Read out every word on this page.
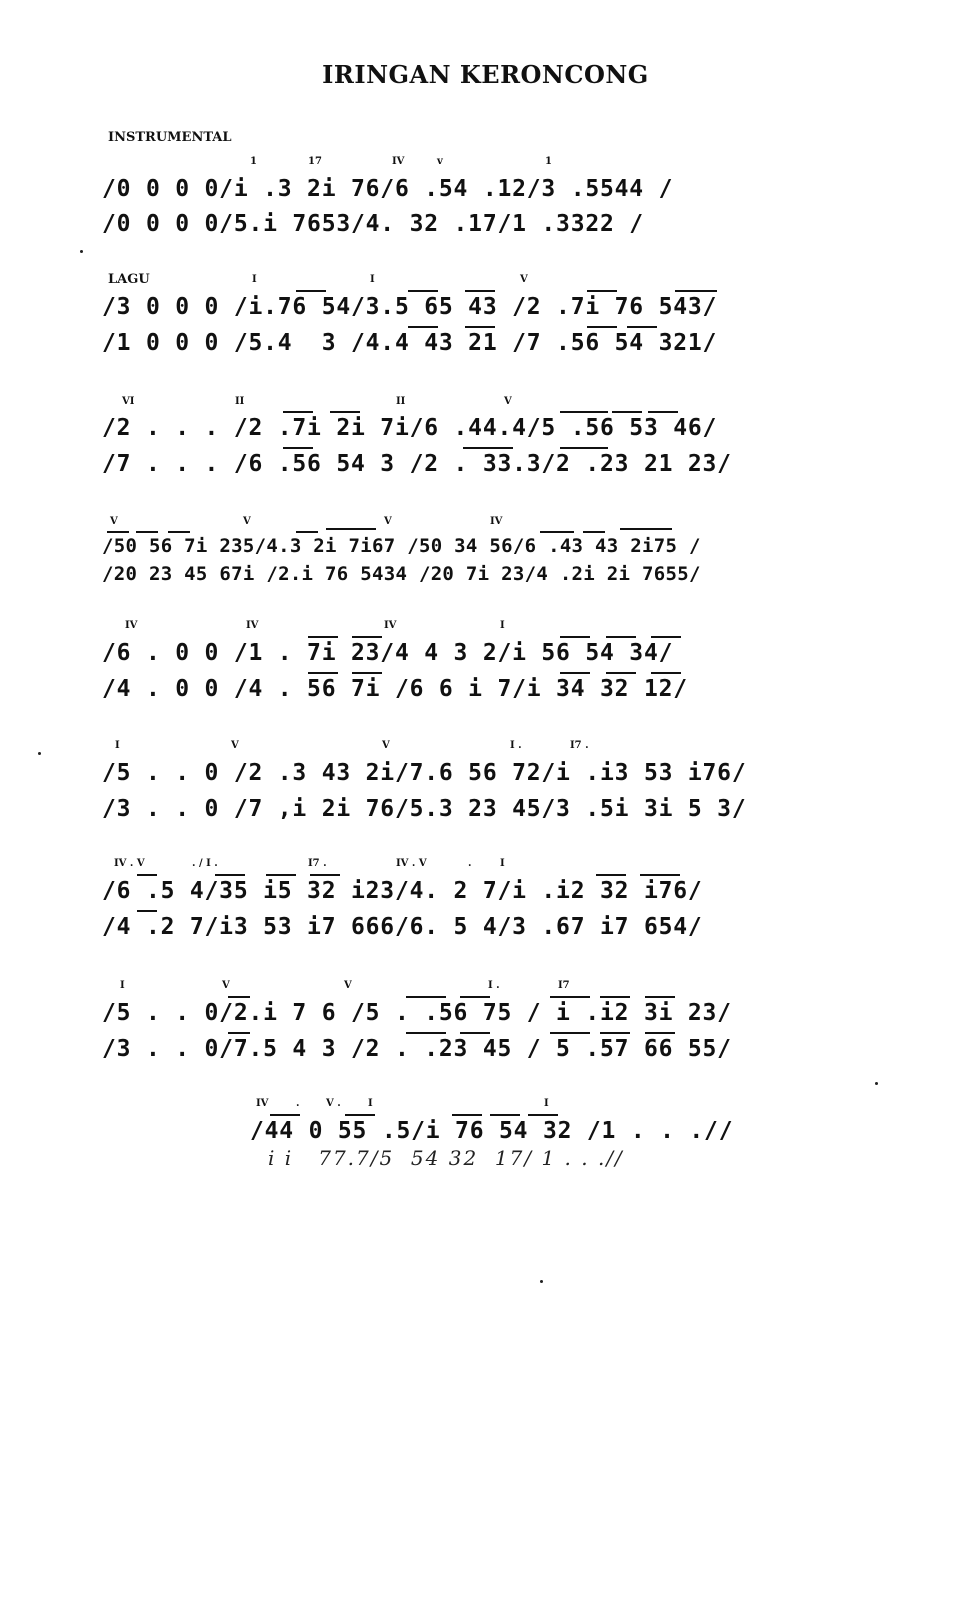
IRINGAN KERONCONG
INSTRUMENTAL
1	17	IV	v	1
/0 0 0 0/i .3 2i 76/6 .54 .12/3 .5544 /
/0 0 0 0/5.i 7653/4. 32 .17/1 .3322 /
LAGU	I	I	V
/3 0 0 0 /i.76 54/3.5 65 43 /2 .7i 76 543/
/1 0 0 0 /5.4  3 /4.4 43 21 /7 .56 54 321/
VI	II	II	V
/2 . . . /2 .7i 2i 7i/6 .44.4/5 .56 53 46/
/7 . . . /6 .56 54 3 /2 . 33.3/2 .23 21 23/
V	V	V	IV
/50 56 7i 235/4.3 2i 7i67 /50 34 56/6 .43 43 2i75 /
/20 23 45 67i /2.i 76 5434 /20 7i 23/4 .2i 2i 7655/
IV	IV	IV	I
/6 . 0 0 /1 . 7i 23/4 4 3 2/i 56 54 34/
/4 . 0 0 /4 . 56 7i /6 6 i 7/i 34 32 12/
I	V	V	I .	I7 .
/5 . . 0 /2 .3 43 2i/7.6 56 72/i .i3 53 i76/
/3 . . 0 /7 ,i 2i 76/5.3 23 45/3 .5i 3i 5 3/
IV . V	. / I .	I7 .	IV . V	.	I
/6 .5 4/35 i5 32 i23/4. 2 7/i .i2 32 i76/
/4 .2 7/i3 53 i7 666/6. 5 4/3 .67 i7 654/
I	V	V	I .	I7
/5 . . 0/2.i 7 6 /5 . .56 75 / i .i2 3i 23/
/3 . . 0/7.5 4 3 /2 . .23 45 / 5 .57 66 55/
IV	.	V .	I	I
/44 0 55 .5/i 76 54 32 /1 . . .//
i i   77.7/5  54 32  17/ 1 . . .//
